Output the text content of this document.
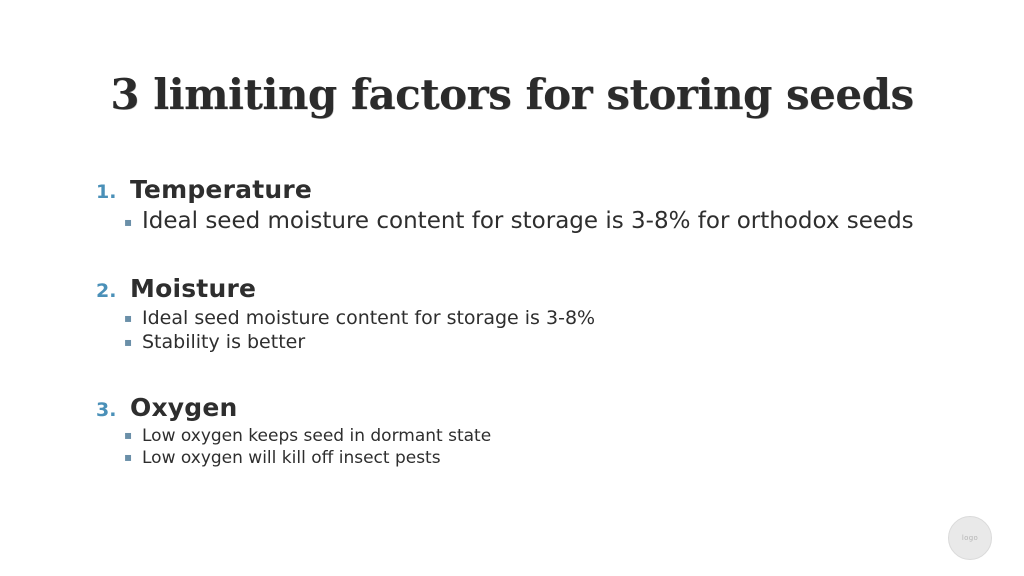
3 limiting factors for storing seeds
1. Temperature
▪ Ideal seed moisture content for storage is 3-8% for orthodox seeds
2. Moisture
▪ Ideal seed moisture content for storage is 3-8%
▪ Stability is better
3. Oxygen
▪ Low oxygen keeps seed in dormant state
▪ Low oxygen will kill off insect pests
logo
